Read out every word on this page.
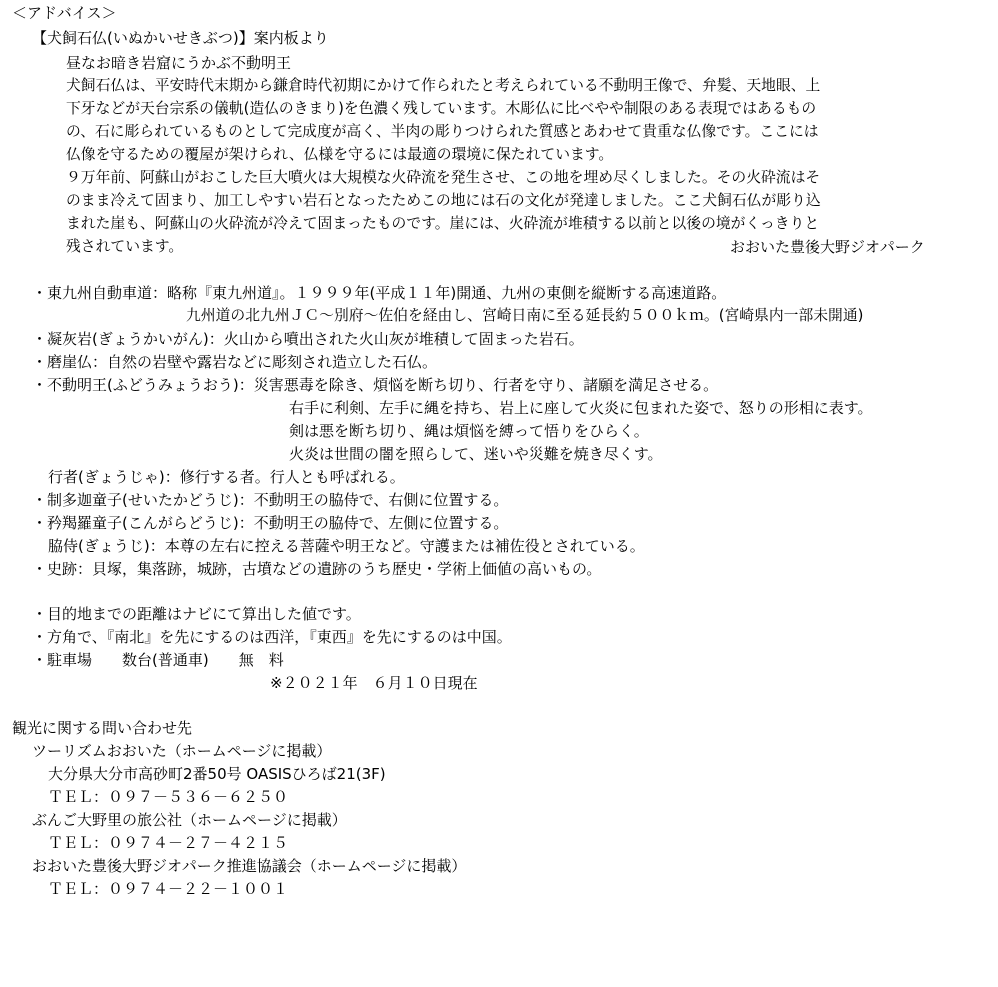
＜アドバイス＞
【犬飼石仏(いぬかいせきぶつ)】案内板より
昼なお暗き岩窟にうかぶ不動明王
犬飼石仏は、平安時代末期から鎌倉時代初期にかけて作られたと考えられている不動明王像で、弁髪、天地眼、上
下牙などが天台宗系の儀軌(造仏のきまり)を色濃く残しています。木彫仏に比べやや制限のある表現ではあるもの
の、石に彫られているものとして完成度が高く、半肉の彫りつけられた質感とあわせて貴重な仏像です。ここには
仏像を守るための覆屋が架けられ、仏様を守るには最適の環境に保たれています。
９万年前、阿蘇山がおこした巨大噴火は大規模な火砕流を発生させ、この地を埋め尽くしました。その火砕流はそ
のまま冷えて固まり、加工しやすい岩石となったためこの地には石の文化が発達しました。ここ犬飼石仏が彫り込
まれた崖も、阿蘇山の火砕流が冷えて固まったものです。崖には、火砕流が堆積する以前と以後の境がくっきりと
残されています。	おおいた豊後大野ジオパーク
・東九州自動車道：略称『東九州道』。１９９９年(平成１１年)開通、九州の東側を縦断する高速道路。
九州道の北九州ＪＣ～別府～佐伯を経由し、宮崎日南に至る延長約５００ｋｍ。(宮崎県内一部未開通)
・凝灰岩(ぎょうかいがん)：火山から噴出された火山灰が堆積して固まった岩石。
・磨崖仏：自然の岩壁や露岩などに彫刻され造立した石仏。
・不動明王(ふどうみょうおう)：災害悪毒を除き、煩悩を断ち切り、行者を守り、諸願を満足させる。
右手に利剣、左手に縄を持ち、岩上に座して火炎に包まれた姿で、怒りの形相に表す。
剣は悪を断ち切り、縄は煩悩を縛って悟りをひらく。
火炎は世間の闇を照らして、迷いや災難を焼き尽くす。
行者(ぎょうじゃ)：修行する者。行人とも呼ばれる。
・制多迦童子(せいたかどうじ)：不動明王の脇侍で、右側に位置する。
・矜羯羅童子(こんがらどうじ)：不動明王の脇侍で、左側に位置する。
脇侍(ぎょうじ)：本尊の左右に控える菩薩や明王など。守護または補佐役とされている。
・史跡：貝塚，集落跡，城跡，古墳などの遺跡のうち歴史・学術上価値の高いもの。
・目的地までの距離はナビにて算出した値です。
・方角で、『南北』を先にするのは西洋，『東西』を先にするのは中国。
・駐車場　　数台(普通車)　　無　料
※２０２１年　６月１０日現在
観光に関する問い合わせ先
ツーリズムおおいた（ホームページに掲載）
大分県大分市高砂町2番50号 OASISひろば21(3F)
ＴＥＬ：０９７－５３６－６２５０
ぶんご大野里の旅公社（ホームページに掲載）
ＴＥＬ：０９７４－２７－４２１５
おおいた豊後大野ジオパーク推進協議会（ホームページに掲載）
ＴＥＬ：０９７４－２２－１００１
